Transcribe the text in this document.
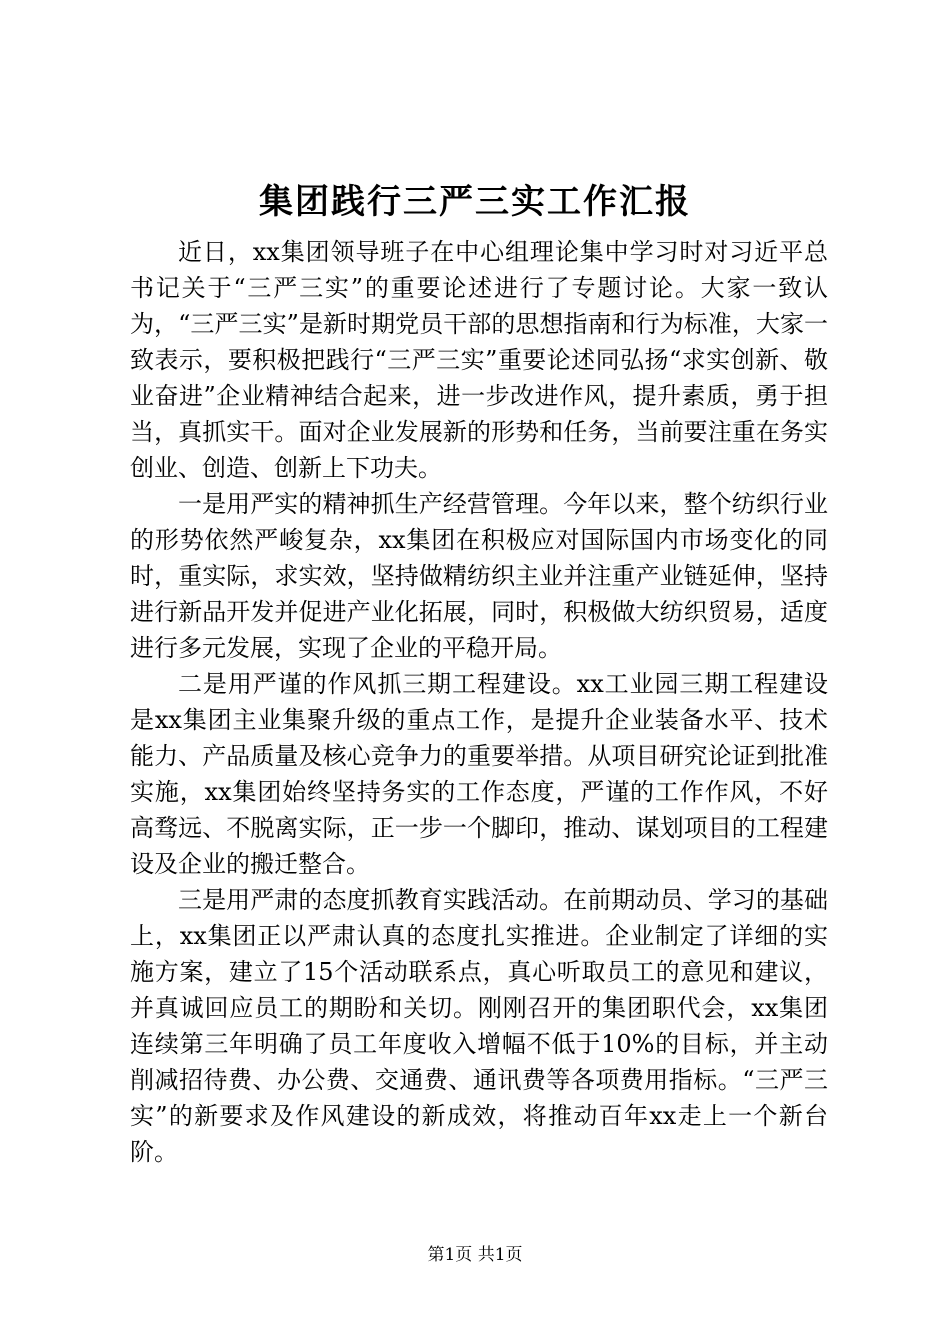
集团践行三严三实工作汇报

近日，xx集团领导班子在中心组理论集中学习时对习近平总书记关于“三严三实”的重要论述进行了专题讨论。大家一致认为，“三严三实”是新时期党员干部的思想指南和行为标准，大家一致表示，要积极把践行“三严三实”重要论述同弘扬“求实创新、敬业奋进”企业精神结合起来，进一步改进作风，提升素质，勇于担当，真抓实干。面对企业发展新的形势和任务，当前要注重在务实创业、创造、创新上下功夫。

一是用严实的精神抓生产经营管理。今年以来，整个纺织行业的形势依然严峻复杂，xx集团在积极应对国际国内市场变化的同时，重实际，求实效，坚持做精纺织主业并注重产业链延伸，坚持进行新品开发并促进产业化拓展，同时，积极做大纺织贸易，适度进行多元发展，实现了企业的平稳开局。

二是用严谨的作风抓三期工程建设。xx工业园三期工程建设是xx集团主业集聚升级的重点工作，是提升企业装备水平、技术能力、产品质量及核心竞争力的重要举措。从项目研究论证到批准实施，xx集团始终坚持务实的工作态度，严谨的工作作风，不好高骛远、不脱离实际，正一步一个脚印，推动、谋划项目的工程建设及企业的搬迁整合。

三是用严肃的态度抓教育实践活动。在前期动员、学习的基础上，xx集团正以严肃认真的态度扎实推进。企业制定了详细的实施方案，建立了15个活动联系点，真心听取员工的意见和建议，并真诚回应员工的期盼和关切。刚刚召开的集团职代会，xx集团连续第三年明确了员工年度收入增幅不低于10%的目标，并主动削减招待费、办公费、交通费、通讯费等各项费用指标。“三严三实”的新要求及作风建设的新成效，将推动百年xx走上一个新台阶。

第1页 共1页
